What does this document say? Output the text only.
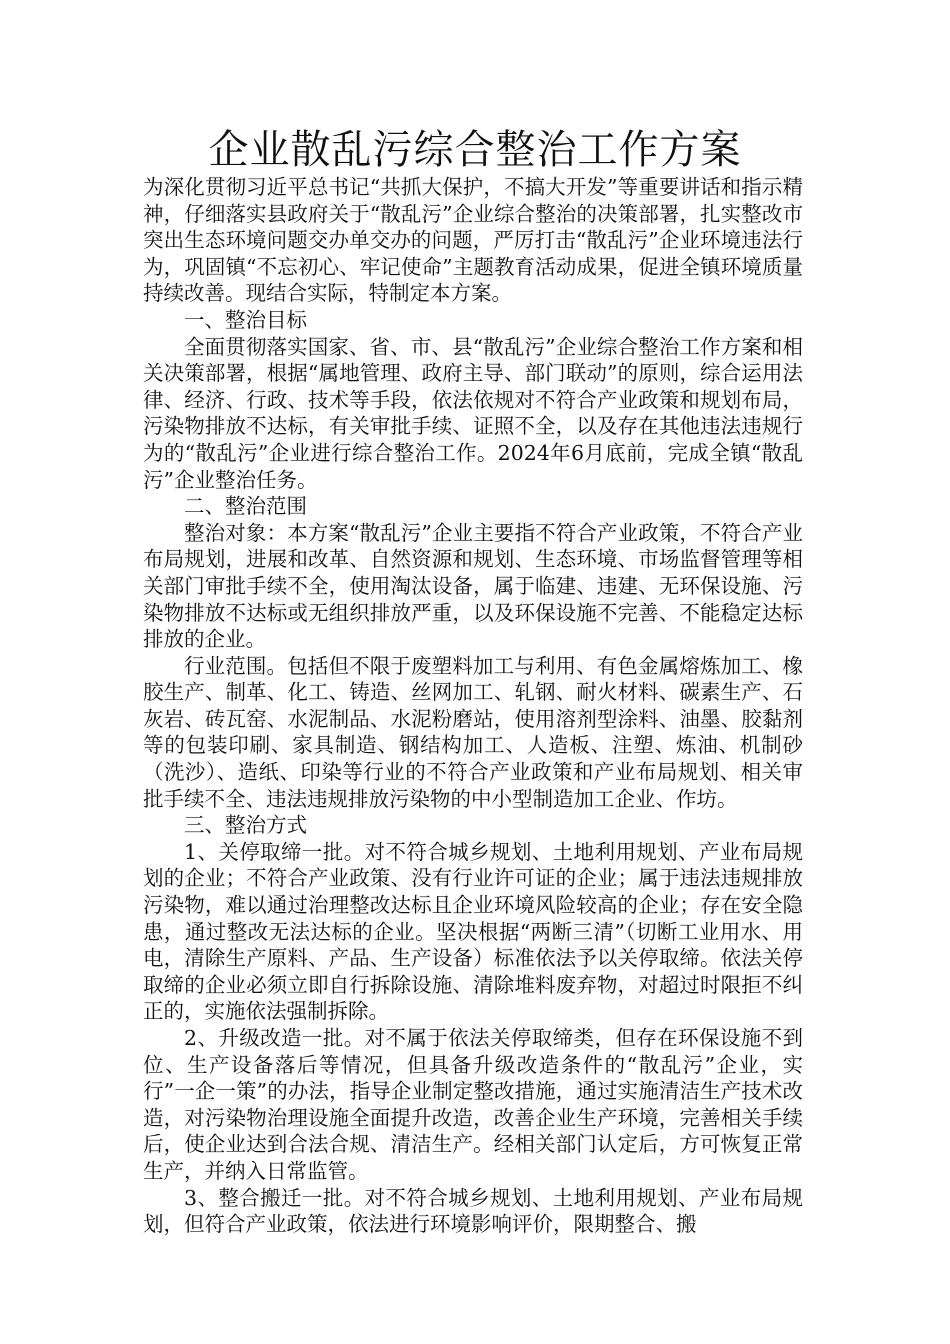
企业散乱污综合整治工作方案

为深化贯彻习近平总书记“共抓大保护，不搞大开发”等重要讲话和指示精神，仔细落实县政府关于“散乱污”企业综合整治的决策部署，扎实整改市突出生态环境问题交办单交办的问题，严厉打击“散乱污”企业环境违法行为，巩固镇“不忘初心、牢记使命”主题教育活动成果，促进全镇环境质量持续改善。现结合实际，特制定本方案。

一、整治目标

全面贯彻落实国家、省、市、县“散乱污”企业综合整治工作方案和相关决策部署，根据“属地管理、政府主导、部门联动”的原则，综合运用法律、经济、行政、技术等手段，依法依规对不符合产业政策和规划布局，污染物排放不达标，有关审批手续、证照不全，以及存在其他违法违规行为的“散乱污”企业进行综合整治工作。2024年6月底前，完成全镇“散乱污”企业整治任务。

二、整治范围

整治对象：本方案“散乱污”企业主要指不符合产业政策，不符合产业布局规划，进展和改革、自然资源和规划、生态环境、市场监督管理等相关部门审批手续不全，使用淘汰设备，属于临建、违建、无环保设施、污染物排放不达标或无组织排放严重，以及环保设施不完善、不能稳定达标排放的企业。

行业范围。包括但不限于废塑料加工与利用、有色金属熔炼加工、橡胶生产、制革、化工、铸造、丝网加工、轧钢、耐火材料、碳素生产、石灰岩、砖瓦窑、水泥制品、水泥粉磨站，使用溶剂型涂料、油墨、胶黏剂等的包装印刷、家具制造、钢结构加工、人造板、注塑、炼油、机制砂（洗沙）、造纸、印染等行业的不符合产业政策和产业布局规划、相关审批手续不全、违法违规排放污染物的中小型制造加工企业、作坊。

三、整治方式

1、关停取缔一批。对不符合城乡规划、土地利用规划、产业布局规划的企业；不符合产业政策、没有行业许可证的企业；属于违法违规排放污染物，难以通过治理整改达标且企业环境风险较高的企业；存在安全隐患，通过整改无法达标的企业。坚决根据“两断三清”（切断工业用水、用电，清除生产原料、产品、生产设备）标准依法予以关停取缔。依法关停取缔的企业必须立即自行拆除设施、清除堆料废弃物，对超过时限拒不纠正的，实施依法强制拆除。

2、升级改造一批。对不属于依法关停取缔类，但存在环保设施不到位、生产设备落后等情况，但具备升级改造条件的“散乱污”企业，实行”一企一策”的办法，指导企业制定整改措施，通过实施清洁生产技术改造，对污染物治理设施全面提升改造，改善企业生产环境，完善相关手续后，使企业达到合法合规、清洁生产。经相关部门认定后，方可恢复正常生产，并纳入日常监管。

3、整合搬迁一批。对不符合城乡规划、土地利用规划、产业布局规划，但符合产业政策，依法进行环境影响评价，限期整合、搬
